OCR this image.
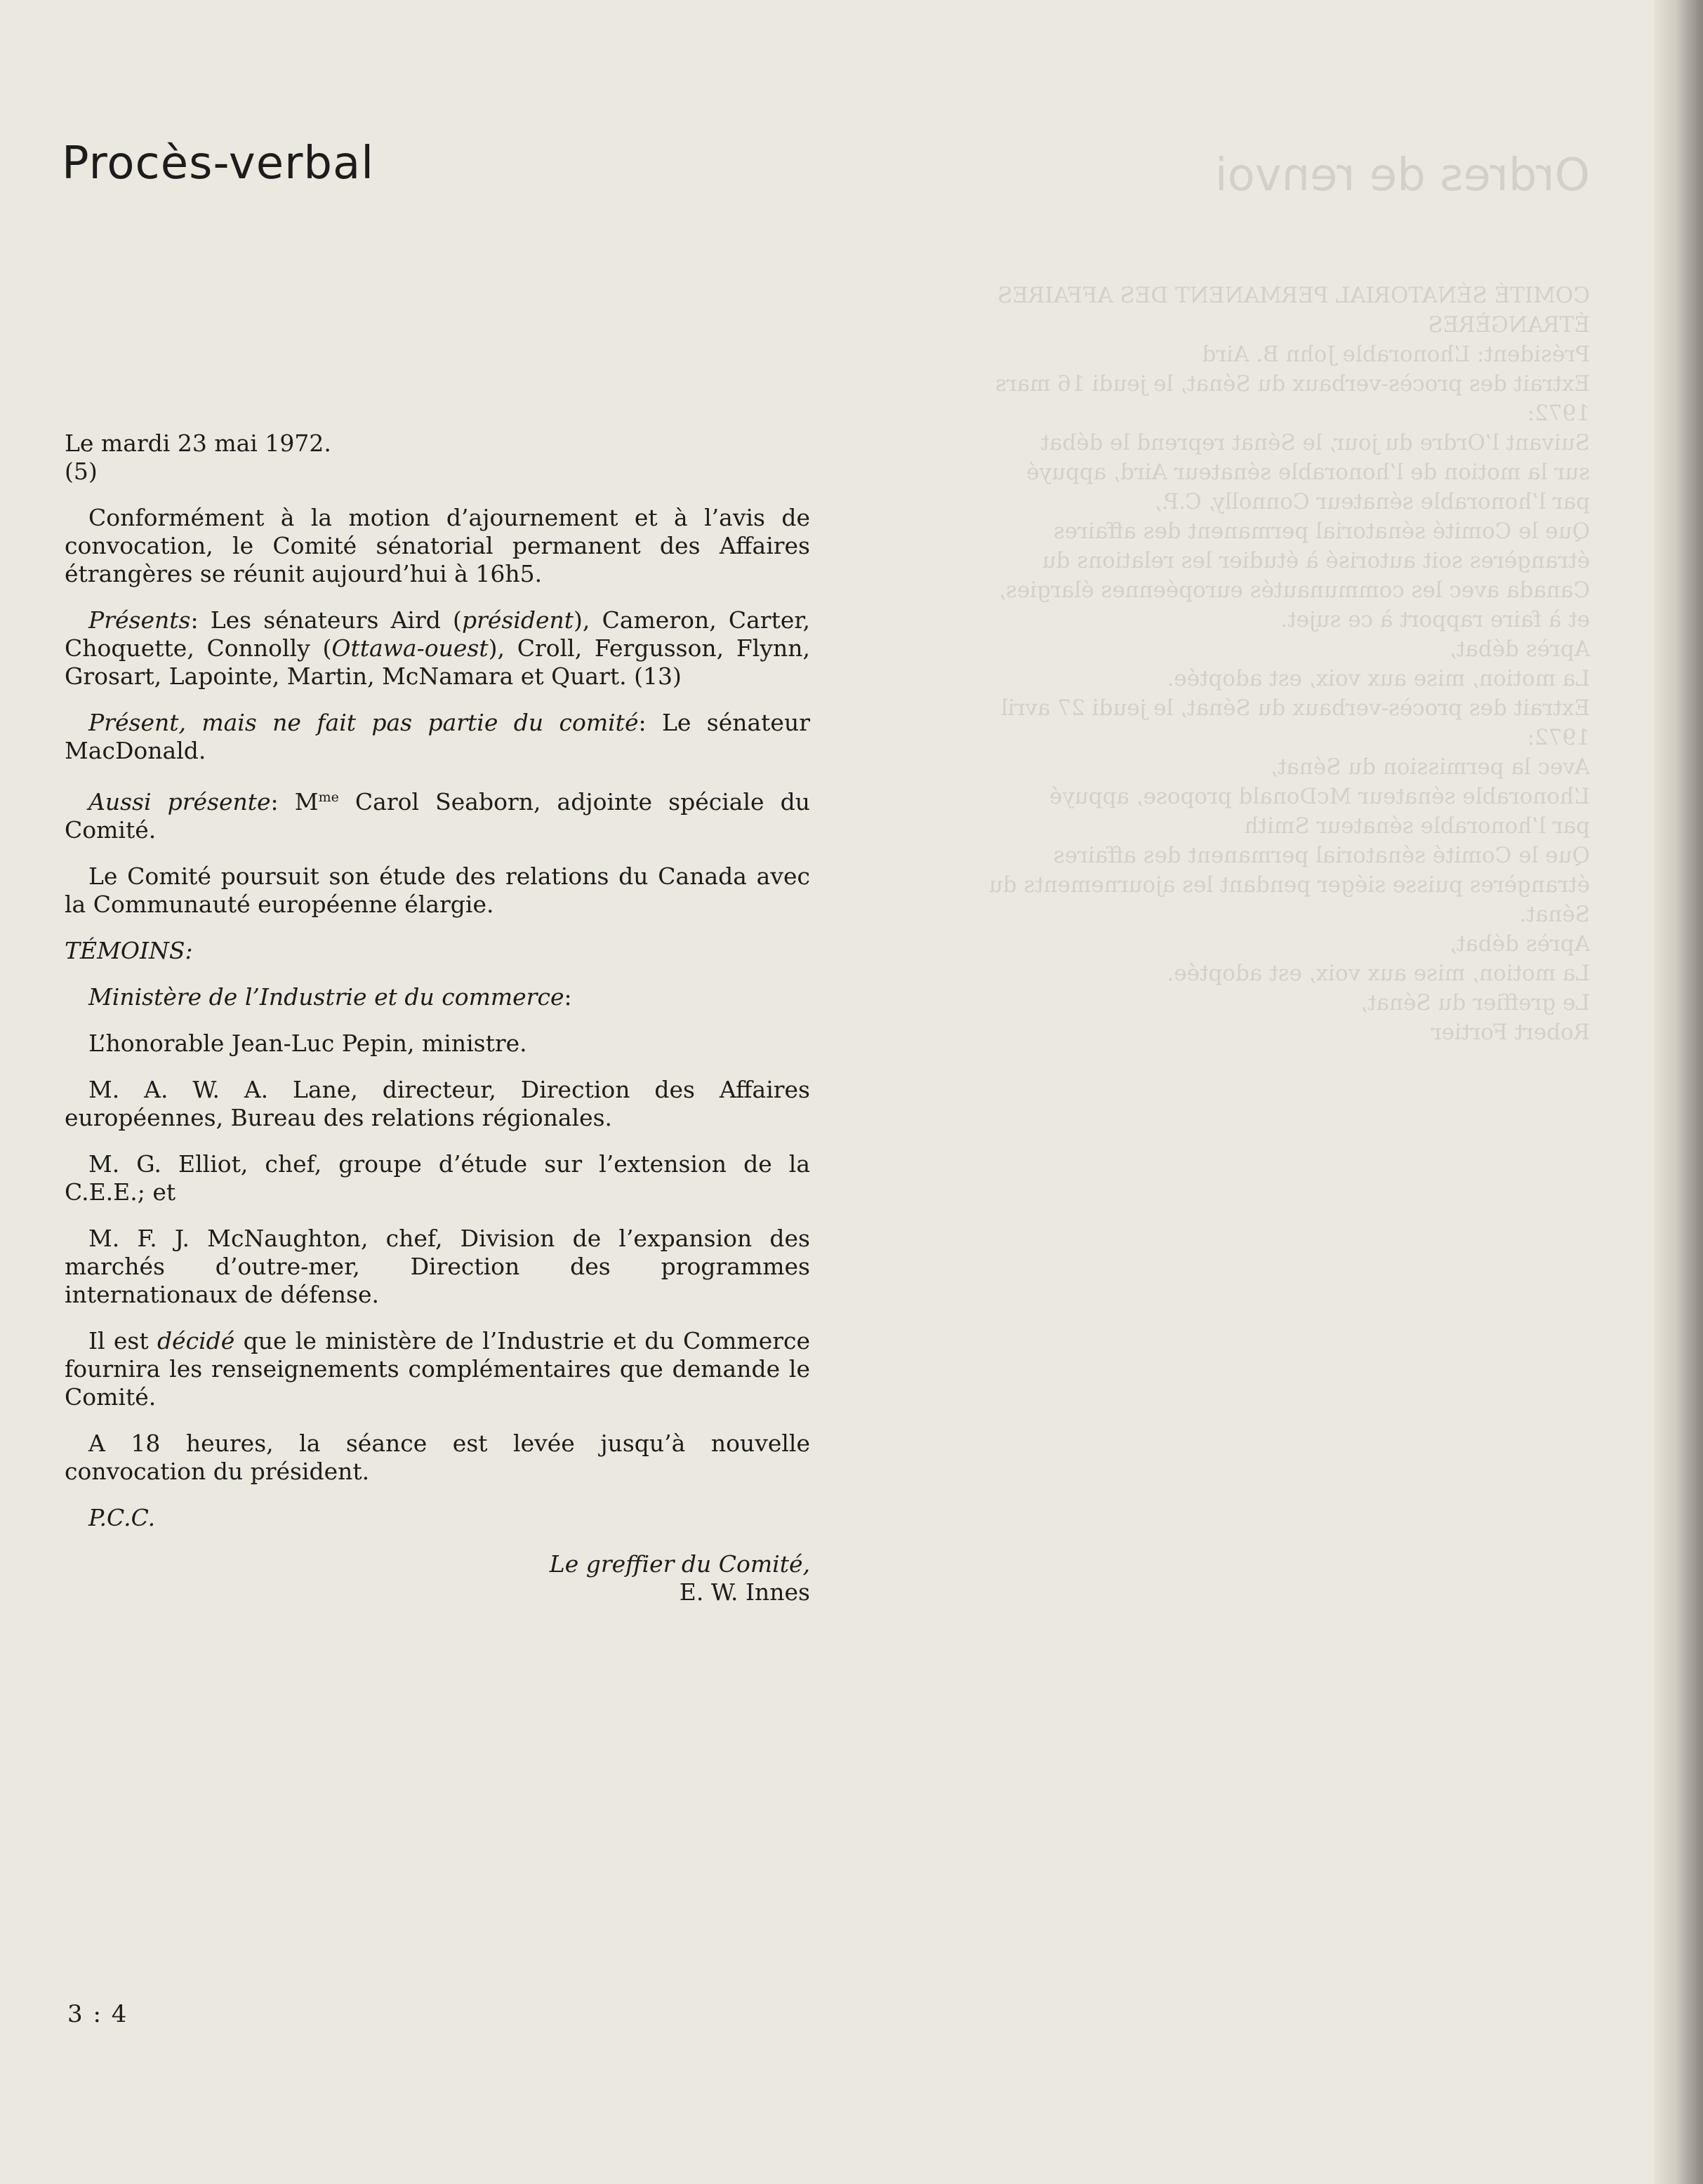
Ordres de renvoi
COMITÉ SÉNATORIAL PERMANENT DES AFFAIRES
ÉTRANGÈRES
Président: L’honorable John B. Aird
Extrait des procès-verbaux du Sénat, le jeudi 16 mars
1972:
Suivant l’Ordre du jour, le Sénat reprend le débat
sur la motion de l’honorable sénateur Aird, appuyé
par l’honorable sénateur Connolly, C.P.,
Que le Comité sénatorial permanent des affaires
étrangères soit autorisé à étudier les relations du
Canada avec les communautés européennes élargies,
et à faire rapport à ce sujet.
Après débat,
La motion, mise aux voix, est adoptée.
Extrait des procès-verbaux du Sénat, le jeudi 27 avril
1972:
Avec la permission du Sénat,
L’honorable sénateur McDonald propose, appuyé
par l’honorable sénateur Smith
Que le Comité sénatorial permanent des affaires
étrangères puisse siéger pendant les ajournements du
Sénat.
Après débat,
La motion, mise aux voix, est adoptée.
Le greffier du Sénat,
Robert Fortier
Procès-verbal

Le mardi 23 mai 1972.

(5)

Conformément à la motion d’ajournement et à l’avis de convocation, le Comité sénatorial permanent des Affaires étrangères se réunit aujourd’hui à 16h5.

Présents: Les sénateurs Aird (président), Cameron, Carter, Choquette, Connolly (Ottawa-ouest), Croll, Fergusson, Flynn, Grosart, Lapointe, Martin, McNamara et Quart. (13)

Présent, mais ne fait pas partie du comité: Le sénateur MacDonald.

Aussi présente: $M^{me}$ Carol Seaborn, adjointe spéciale du Comité.

Le Comité poursuit son étude des relations du Canada avec la Communauté européenne élargie.

TÉMOINS:

Ministère de l’Industrie et du commerce:

L’honorable Jean-Luc Pepin, ministre.

M. A. W. A. Lane, directeur, Direction des Affaires européennes, Bureau des relations régionales.

M. G. Elliot, chef, groupe d’étude sur l’extension de la C.E.E.; et

M. F. J. McNaughton, chef, Division de l’expansion des marchés d’outre-mer, Direction des programmes internationaux de défense.

Il est décidé que le ministère de l’Industrie et du Commerce fournira les renseignements complémentaires que demande le Comité.

A 18 heures, la séance est levée jusqu’à nouvelle convocation du président.

P.C.C.

Le greffier du Comité,

E. W. Innes

3 : 4
